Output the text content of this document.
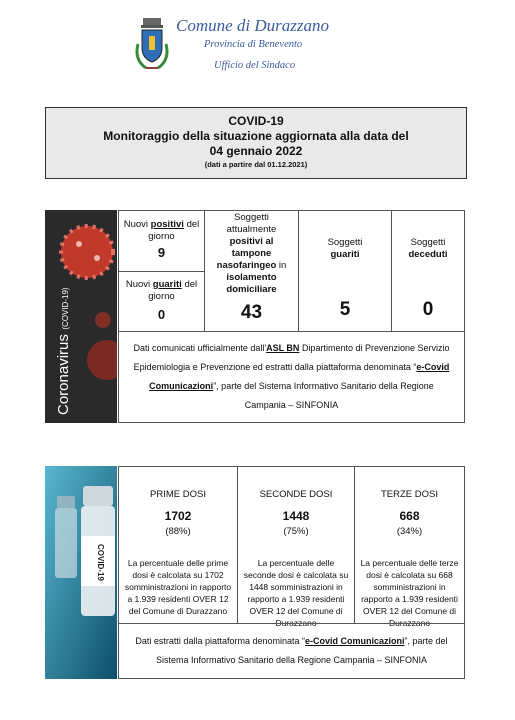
Comune di Durazzano
Provincia di Benevento
Ufficio del Sindaco
COVID-19
Monitoraggio della situazione aggiornata alla data del
04 gennaio 2022
(dati a partire dal 01.12.2021)
Coronavirus (COVID-19)
Nuovi positivi del giorno
9
Nuovi guariti del giorno
0
Soggetti attualmente positivi al tampone nasofaringeo in isolamento domiciliare
43
Soggetti
guariti
5
Soggetti
deceduti
0
Dati comunicati ufficialmente dall'ASL BN Dipartimento di Prevenzione Servizio Epidemiologia e Prevenzione ed estratti dalla piattaforma denominata “e-Covid Comunicazioni”, parte del Sistema Informativo Sanitario della Regione Campania – SINFONIA
COVID-19
PRIME DOSI
1702
(88%)
La percentuale delle prime dosi è calcolata su 1702 somministrazioni in rapporto a 1.939 residenti OVER 12 del Comune di Durazzano
SECONDE DOSI
1448
(75%)
La percentuale delle seconde dosi è calcolata su 1448 somministrazioni in rapporto a 1.939 residenti OVER 12 del Comune di Durazzano
TERZE DOSI
668
(34%)
La percentuale delle terze dosi è calcolata su 668 somministrazioni in rapporto a 1.939 residenti OVER 12 del Comune di Durazzano
Dati estratti dalla piattaforma denominata “e-Covid Comunicazioni”, parte del Sistema Informativo Sanitario della Regione Campania – SINFONIA
